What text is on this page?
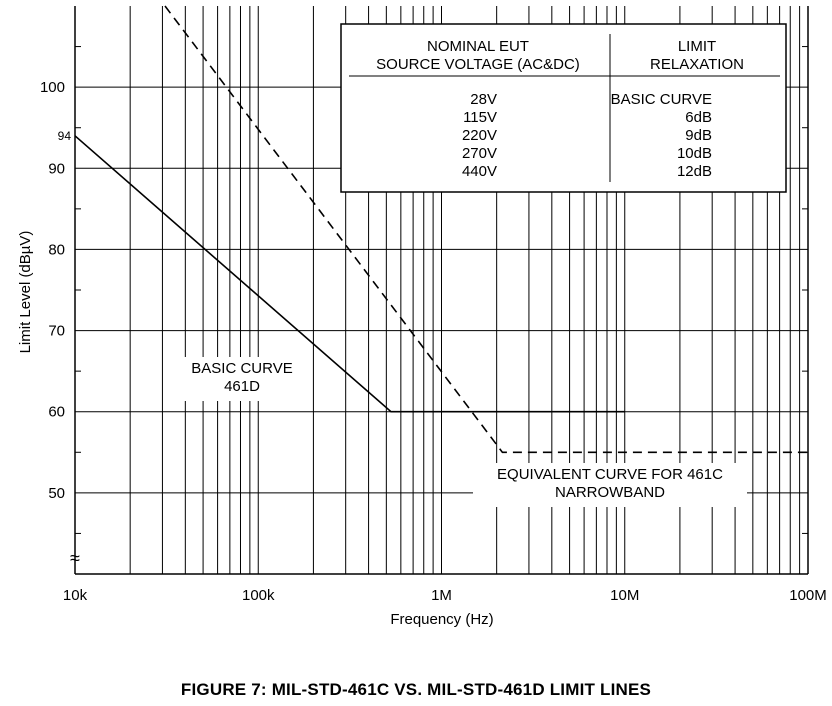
10k	100k	1M	10M	100M
50
60
70
80
90
100
94
≈
BASIC CURVE
461D
EQUIVALENT CURVE FOR 461C
NARROWBAND
NOMINAL EUT
SOURCE VOLTAGE (AC&DC)
LIMIT
RELAXATION
28V	BASIC CURVE
115V	6dB
220V	9dB
270V	10dB
440V	12dB
Frequency (Hz)
Limit Level (dBµV)
FIGURE 7: MIL-STD-461C VS. MIL-STD-461D LIMIT LINES
